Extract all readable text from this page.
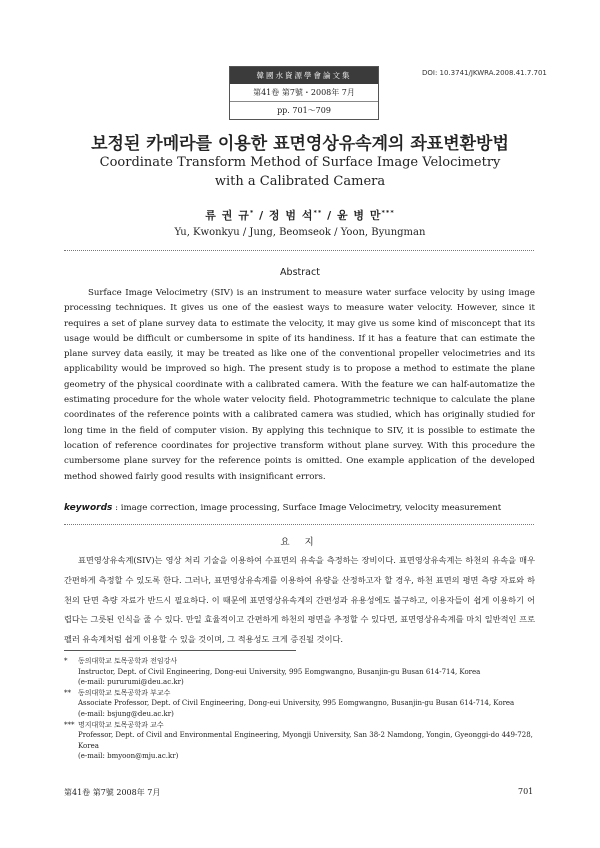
韓國水資源學會論文集
第41卷 第7號・2008年 7月
pp. 701～709
DOI: 10.3741/JKWRA.2008.41.7.701
보정된 카메라를 이용한 표면영상유속계의 좌표변환방법
Coordinate Transform Method of Surface Image Velocimetry
with a Calibrated Camera
류 권 규* / 정 범 석** / 윤 병 만***
Yu, Kwonkyu / Jung, Beomseok / Yoon, Byungman
Abstract

Surface Image Velocimetry (SIV) is an instrument to measure water surface velocity by using image processing techniques. It gives us one of the easiest ways to measure water velocity. However, since it requires a set of plane survey data to estimate the velocity, it may give us some kind of misconcept that its usage would be difficult or cumbersome in spite of its handiness. If it has a feature that can estimate the plane survey data easily, it may be treated as like one of the conventional propeller velocimetries and its applicability would be improved so high. The present study is to propose a method to estimate the plane geometry of the physical coordinate with a calibrated camera. With the feature we can half-automatize the estimating procedure for the whole water velocity field. Photogrammetric technique to calculate the plane coordinates of the reference points with a calibrated camera was studied, which has originally studied for long time in the field of computer vision. By applying this technique to SIV, it is possible to estimate the location of reference coordinates for projective transform without plane survey. With this procedure the cumbersome plane survey for the reference points is omitted. One example application of the developed method showed fairly good results with insignificant errors.

keywords : image correction, image processing, Surface Image Velocimetry, velocity measurement
요 지

표면영상유속계(SIV)는 영상 처리 기술을 이용하여 수표면의 유속을 측정하는 장비이다. 표면영상유속계는 하천의 유속을 매우 간편하게 측정할 수 있도록 한다. 그러나, 표면영상유속계를 이용하여 유량을 산정하고자 할 경우, 하천 표면의 평면 측량 자료와 하천의 단면 측량 자료가 반드시 필요하다. 이 때문에 표면영상유속계의 간편성과 유용성에도 불구하고, 이용자들이 쉽게 이용하기 어렵다는 그릇된 인식을 줄 수 있다. 만일 효율적이고 간편하게 하천의 평면을 추정할 수 있다면, 표면영상유속계를 마치 일반적인 프로펠러 유속계처럼 쉽게 이용할 수 있을 것이며, 그 적용성도 크게 증진될 것이다.

* 동의대학교 토목공학과 전임강사
Instructor, Dept. of Civil Engineering, Dong-eui University, 995 Eomgwangno, Busanjin-gu Busan 614-714, Korea
(e-mail: pururumi@deu.ac.kr)
** 동의대학교 토목공학과 부교수
Associate Professor, Dept. of Civil Engineering, Dong-eui University, 995 Eomgwangno, Busanjin-gu Busan 614-714, Korea
(e-mail: bsjung@deu.ac.kr)
*** 명지대학교 토목공학과 교수
Professor, Dept. of Civil and Environmental Engineering, Myongji University, San 38-2 Namdong, Yongin, Gyeonggi-do 449-728, Korea
(e-mail: bmyoon@mju.ac.kr)
第41卷 第7號 2008年 7月	701
